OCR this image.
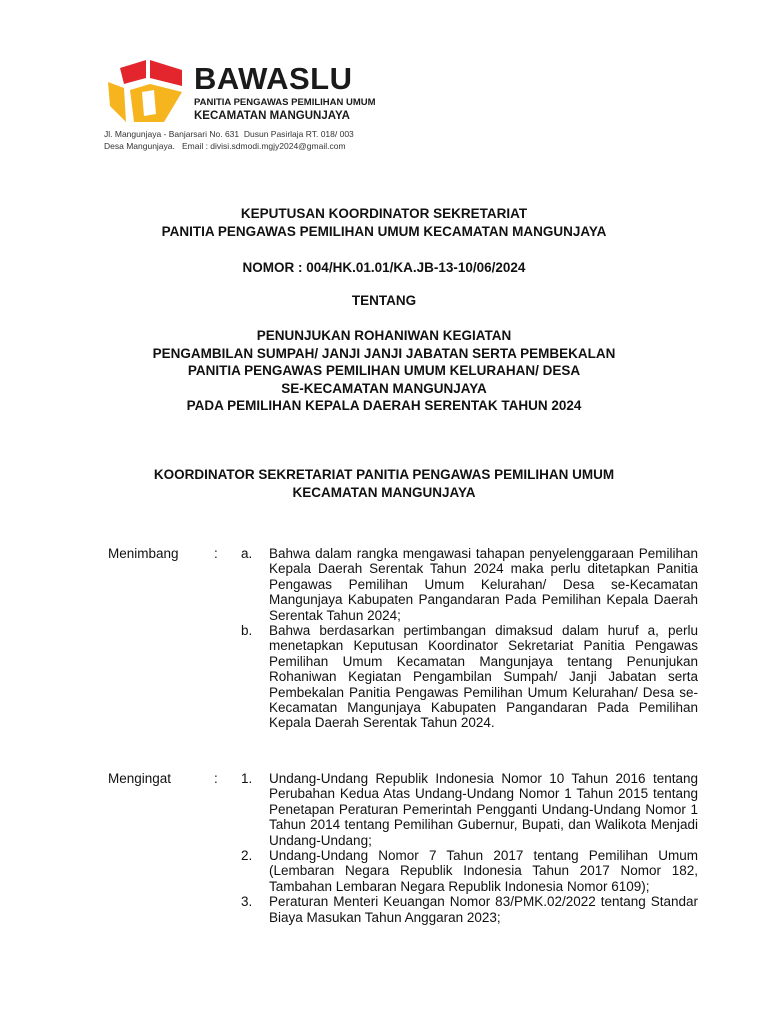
BAWASLU
PANITIA PENGAWAS PEMILIHAN UMUM
KECAMATAN MANGUNJAYA
Jl. Mangunjaya - Banjarsari No. 631  Dusun Pasirlaja RT. 018/ 003
Desa Mangunjaya.   Email : divisi.sdmodi.mgjy2024@gmail.com
KEPUTUSAN KOORDINATOR SEKRETARIAT
PANITIA PENGAWAS PEMILIHAN UMUM KECAMATAN MANGUNJAYA
NOMOR : 004/HK.01.01/KA.JB-13-10/06/2024
TENTANG
PENUNJUKAN ROHANIWAN KEGIATAN
PENGAMBILAN SUMPAH/ JANJI JANJI JABATAN SERTA PEMBEKALAN
PANITIA PENGAWAS PEMILIHAN UMUM KELURAHAN/ DESA
SE-KECAMATAN MANGUNJAYA
PADA PEMILIHAN KEPALA DAERAH SERENTAK TAHUN 2024
KOORDINATOR SEKRETARIAT PANITIA PENGAWAS PEMILIHAN UMUM
KECAMATAN MANGUNJAYA
Menimbang	: a.	Bahwa dalam rangka mengawasi tahapan penyelenggaraan Pemilihan Kepala Daerah Serentak Tahun 2024 maka perlu ditetapkan Panitia Pengawas Pemilihan Umum Kelurahan/ Desa se-Kecamatan Mangunjaya Kabupaten Pangandaran Pada Pemilihan Kepala Daerah Serentak Tahun 2024;

b.	Bahwa berdasarkan pertimbangan dimaksud dalam huruf a, perlu menetapkan Keputusan Koordinator Sekretariat Panitia Pengawas Pemilihan Umum Kecamatan Mangunjaya tentang Penunjukan Rohaniwan Kegiatan Pengambilan Sumpah/ Janji Jabatan serta Pembekalan Panitia Pengawas Pemilihan Umum Kelurahan/ Desa se-Kecamatan Mangunjaya Kabupaten Pangandaran Pada Pemilihan Kepala Daerah Serentak Tahun 2024.

Mengingat	: 1.	Undang-Undang Republik Indonesia Nomor 10 Tahun 2016 tentang Perubahan Kedua Atas Undang-Undang Nomor 1 Tahun 2015 tentang Penetapan Peraturan Pemerintah Pengganti Undang-Undang Nomor 1 Tahun 2014 tentang Pemilihan Gubernur, Bupati, dan Walikota Menjadi Undang-Undang;

2.	Undang-Undang Nomor 7 Tahun 2017 tentang Pemilihan Umum (Lembaran Negara Republik Indonesia Tahun 2017 Nomor 182, Tambahan Lembaran Negara Republik Indonesia Nomor 6109);

3.	Peraturan Menteri Keuangan Nomor 83/PMK.02/2022 tentang Standar Biaya Masukan Tahun Anggaran 2023;
